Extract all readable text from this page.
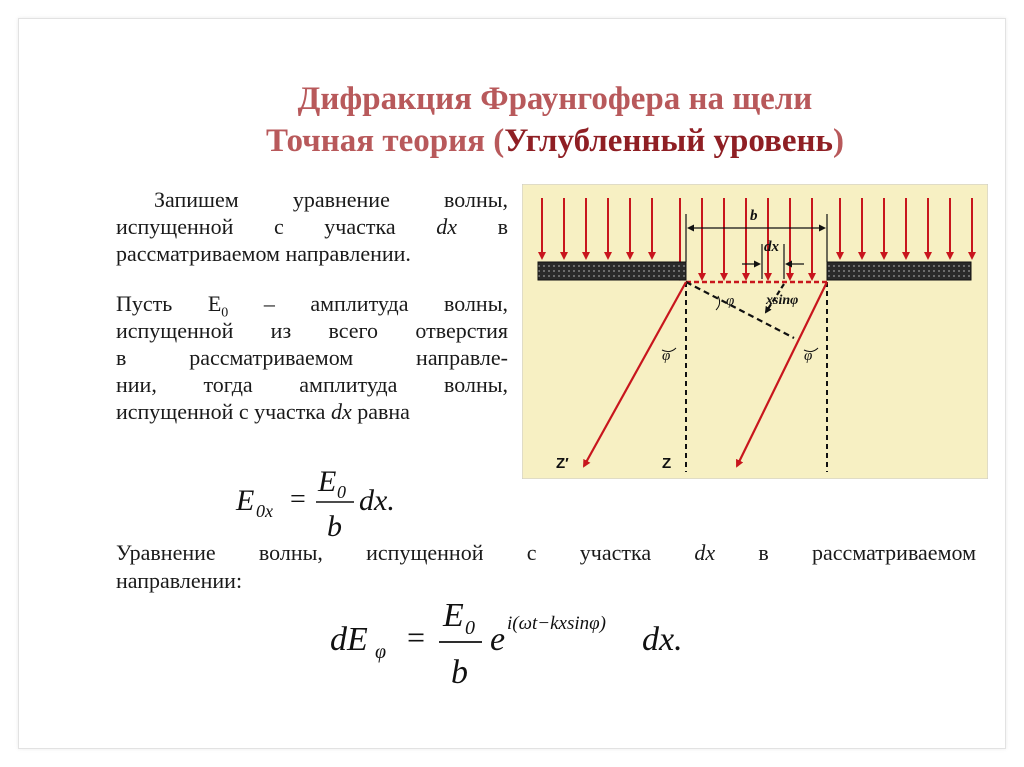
Дифракция Фраунгофера на щели
Точная теория (Углубленный уровень)
Запишем уравнение волны,
испущенной с участка dx в
рассматриваемом направлении.
Пусть $E_0$ – амплитуда волны,
испущенной из всего отверстия
в рассматриваемом направле-
нии, тогда амплитуда волны,
испущенной с участка dx равна
E 0x
E 0
b
dx.
=
Уравнение волны, испущенной с участка dx в рассматриваемом
направлении:
dE φ
E 0
b
e i(ωt−kxsinφ) dx.
=
b
dx
xsinφ
φ	φ
φ
Z′	Z
